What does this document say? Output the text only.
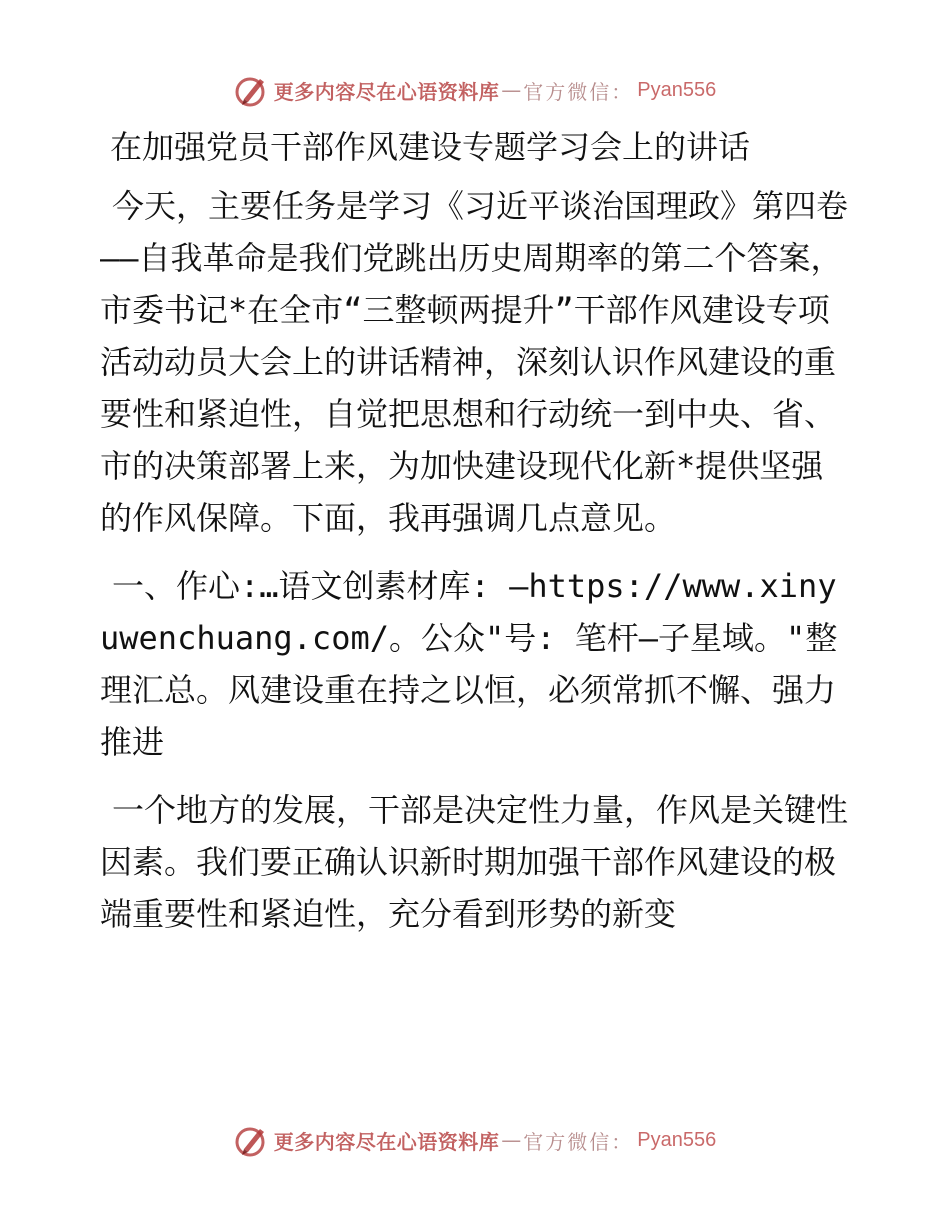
更多内容尽在心语资料库 — 官方微信： Pyan556
在加强党员干部作风建设专题学习会上的讲话

今天，主要任务是学习《习近平谈治国理政》第四卷——自我革命是我们党跳出历史周期率的第二个答案，市委书记*在全市“三整顿两提升”干部作风建设专项活动动员大会上的讲话精神，深刻认识作风建设的重要性和紧迫性，自觉把思想和行动统一到中央、省、市的决策部署上来，为加快建设现代化新*提供坚强的作风保障。下面，我再强调几点意见。

一、作心:…语文创素材库: —https://www.xinyuwenchuang.com/。公众"号: 笔杆—子星域。"整理汇总。风建设重在持之以恒，必须常抓不懈、强力推进

一个地方的发展，干部是决定性力量，作风是关键性因素。我们要正确认识新时期加强干部作风建设的极端重要性和紧迫性，充分看到形势的新变

更多内容尽在心语资料库 — 官方微信： Pyan556
